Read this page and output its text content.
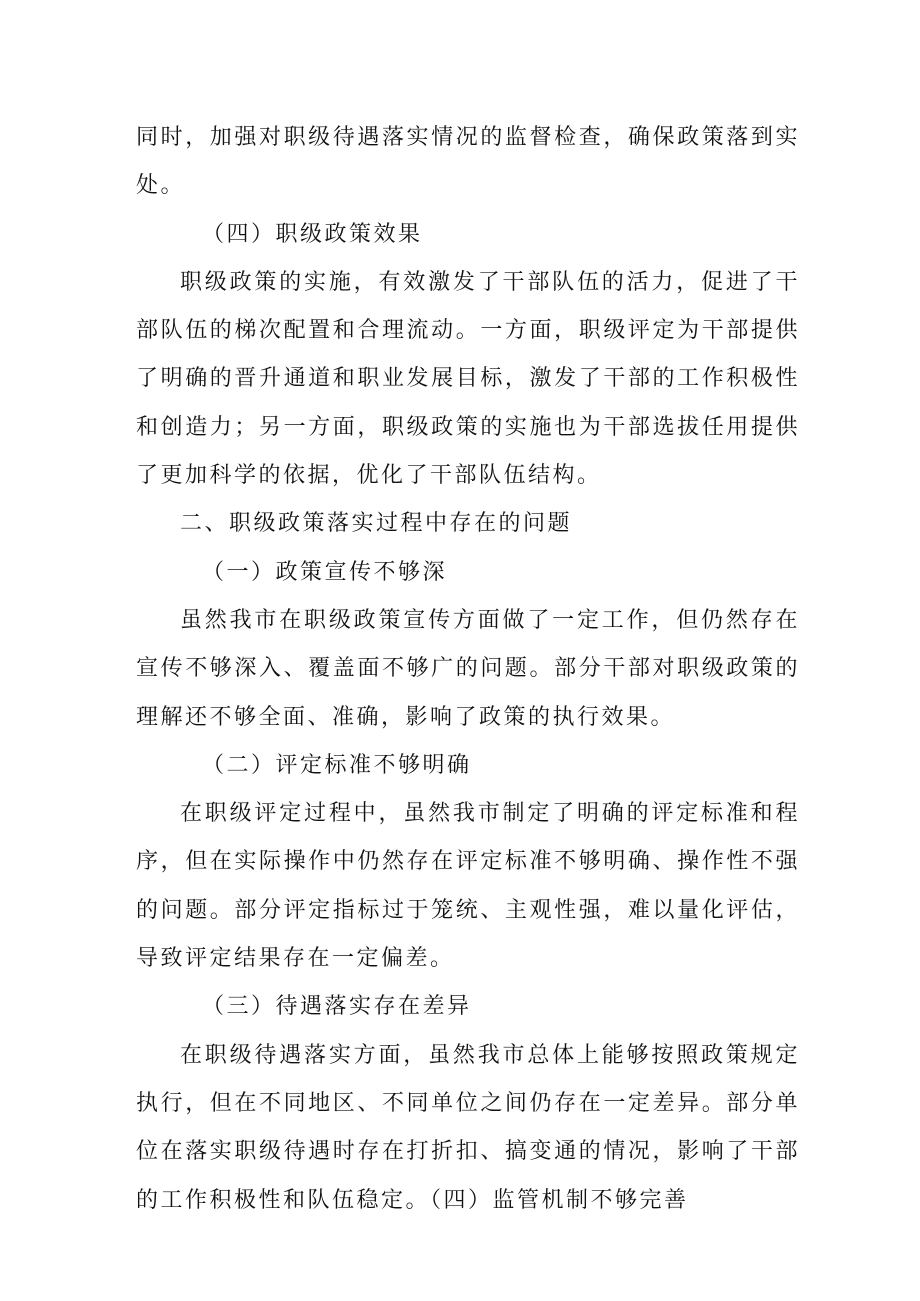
同时，加强对职级待遇落实情况的监督检查，确保政策落到实处。

（四）职级政策效果

职级政策的实施，有效激发了干部队伍的活力，促进了干部队伍的梯次配置和合理流动。一方面，职级评定为干部提供了明确的晋升通道和职业发展目标，激发了干部的工作积极性和创造力；另一方面，职级政策的实施也为干部选拔任用提供了更加科学的依据，优化了干部队伍结构。

二、职级政策落实过程中存在的问题

（一）政策宣传不够深

虽然我市在职级政策宣传方面做了一定工作，但仍然存在宣传不够深入、覆盖面不够广的问题。部分干部对职级政策的理解还不够全面、准确，影响了政策的执行效果。

（二）评定标准不够明确

在职级评定过程中，虽然我市制定了明确的评定标准和程序，但在实际操作中仍然存在评定标准不够明确、操作性不强的问题。部分评定指标过于笼统、主观性强，难以量化评估，导致评定结果存在一定偏差。

（三）待遇落实存在差异

在职级待遇落实方面，虽然我市总体上能够按照政策规定执行，但在不同地区、不同单位之间仍存在一定差异。部分单位在落实职级待遇时存在打折扣、搞变通的情况，影响了干部的工作积极性和队伍稳定。（四）监管机制不够完善
